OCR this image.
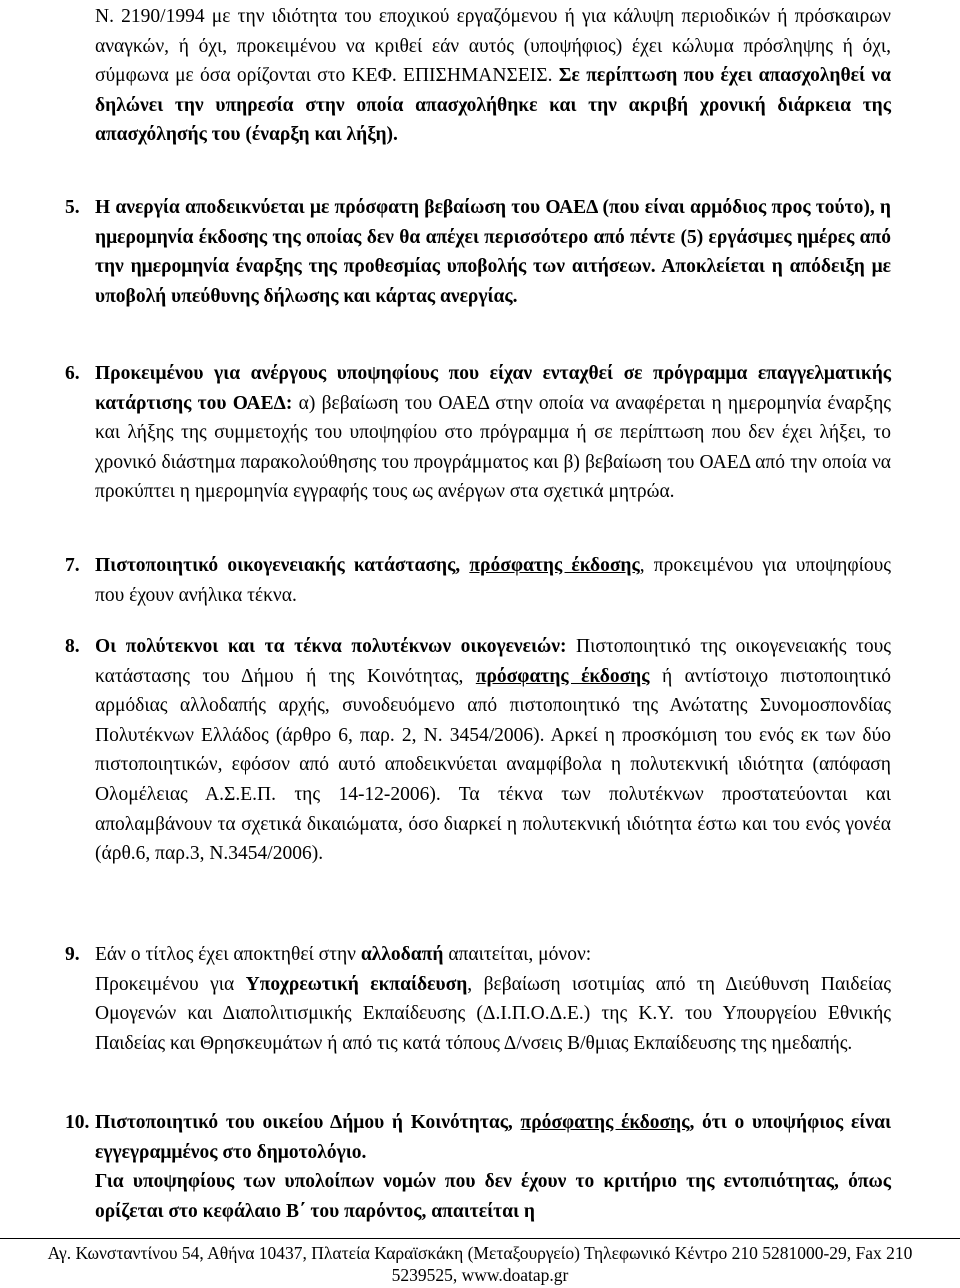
Ν. 2190/1994 με την ιδιότητα του εποχικού εργαζόμενου ή για κάλυψη περιοδικών ή πρόσκαιρων αναγκών, ή όχι, προκειμένου να κριθεί εάν αυτός (υποψήφιος) έχει κώλυμα πρόσληψης ή όχι, σύμφωνα με όσα ορίζονται στο ΚΕΦ. ΕΠΙΣΗΜΑΝΣΕΙΣ. Σε περίπτωση που έχει απασχοληθεί να δηλώνει την υπηρεσία στην οποία απασχολήθηκε και την ακριβή χρονική διάρκεια της απασχόλησής του (έναρξη και λήξη).
5. Η ανεργία αποδεικνύεται με πρόσφατη βεβαίωση του ΟΑΕΔ (που είναι αρμόδιος προς τούτο), η ημερομηνία έκδοσης της οποίας δεν θα απέχει περισσότερο από πέντε (5) εργάσιμες ημέρες από την ημερομηνία έναρξης της προθεσμίας υποβολής των αιτήσεων. Αποκλείεται η απόδειξη με υποβολή υπεύθυνης δήλωσης και κάρτας ανεργίας.
6. Προκειμένου για ανέργους υποψηφίους που είχαν ενταχθεί σε πρόγραμμα επαγγελματικής κατάρτισης του ΟΑΕΔ: α) βεβαίωση του ΟΑΕΔ στην οποία να αναφέρεται η ημερομηνία έναρξης και λήξης της συμμετοχής του υποψηφίου στο πρόγραμμα ή σε περίπτωση που δεν έχει λήξει, το χρονικό διάστημα παρακολούθησης του προγράμματος και β) βεβαίωση του ΟΑΕΔ από την οποία να προκύπτει η ημερομηνία εγγραφής τους ως ανέργων στα σχετικά μητρώα.
7. Πιστοποιητικό οικογενειακής κατάστασης, πρόσφατης έκδοσης, προκειμένου για υποψηφίους που έχουν ανήλικα τέκνα.
8. Οι πολύτεκνοι και τα τέκνα πολυτέκνων οικογενειών: Πιστοποιητικό της οικογενειακής τους κατάστασης του Δήμου ή της Κοινότητας, πρόσφατης έκδοσης ή αντίστοιχο πιστοποιητικό αρμόδιας αλλοδαπής αρχής, συνοδευόμενο από πιστοποιητικό της Ανώτατης Συνομοσπονδίας Πολυτέκνων Ελλάδος (άρθρο 6, παρ. 2, Ν. 3454/2006). Αρκεί η προσκόμιση του ενός εκ των δύο πιστοποιητικών, εφόσον από αυτό αποδεικνύεται αναμφίβολα η πολυτεκνική ιδιότητα (απόφαση Ολομέλειας Α.Σ.Ε.Π. της 14-12-2006). Τα τέκνα των πολυτέκνων προστατεύονται και απολαμβάνουν τα σχετικά δικαιώματα, όσο διαρκεί η πολυτεκνική ιδιότητα έστω και του ενός γονέα (άρθ.6, παρ.3, Ν.3454/2006).
9. Εάν ο τίτλος έχει αποκτηθεί στην αλλοδαπή απαιτείται, μόνον:
Προκειμένου για Υποχρεωτική εκπαίδευση, βεβαίωση ισοτιμίας από τη Διεύθυνση Παιδείας Ομογενών και Διαπολιτισμικής Εκπαίδευσης (Δ.Ι.Π.Ο.Δ.Ε.) της Κ.Υ. του Υπουργείου Εθνικής Παιδείας και Θρησκευμάτων ή από τις κατά τόπους Δ/νσεις Β/θμιας Εκπαίδευσης της ημεδαπής.
10. Πιστοποιητικό του οικείου Δήμου ή Κοινότητας, πρόσφατης έκδοσης, ότι ο υποψήφιος είναι εγγεγραμμένος στο δημοτολόγιο.
Για υποψηφίους των υπολοίπων νομών που δεν έχουν το κριτήριο της εντοπιότητας, όπως ορίζεται στο κεφάλαιο Β΄ του παρόντος, απαιτείται η
Αγ. Κωνσταντίνου 54, Αθήνα 10437, Πλατεία Καραϊσκάκη (Μεταξουργείο) Τηλεφωνικό Κέντρο 210 5281000-29, Fax 210
5239525, www.doatap.gr
